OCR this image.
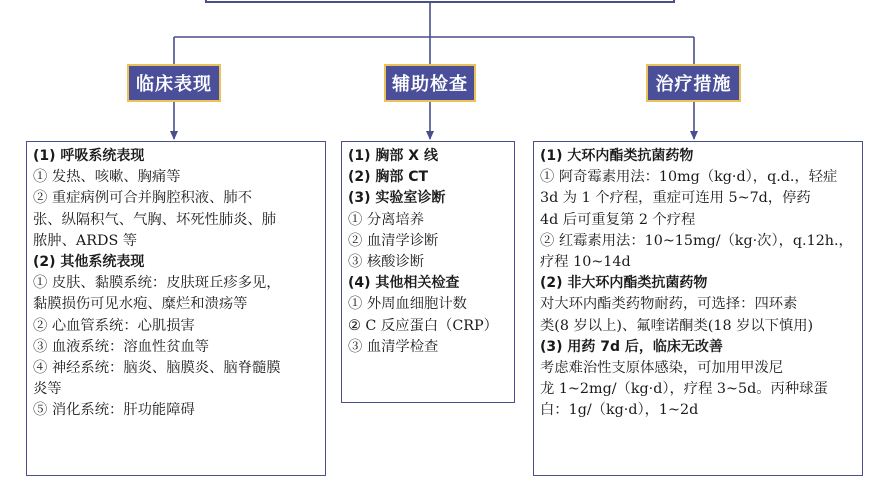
临床表现	辅助检查	治疗措施
(1) 呼吸系统表现
① 发热、咳嗽、胸痛等
② 重症病例可合并胸腔积液、肺不
张、纵隔积气、气胸、坏死性肺炎、肺
脓肿、ARDS 等
(2) 其他系统表现
① 皮肤、黏膜系统：皮肤斑丘疹多见，
黏膜损伤可见水疱、糜烂和溃疡等
② 心血管系统：心肌损害
③ 血液系统：溶血性贫血等
④ 神经系统：脑炎、脑膜炎、脑脊髓膜
炎等
⑤ 消化系统：肝功能障碍
(1) 胸部 X 线
(2) 胸部 CT
(3) 实验室诊断
① 分离培养
② 血清学诊断
③ 核酸诊断
(4) 其他相关检查
① 外周血细胞计数
② C 反应蛋白（CRP）
③ 血清学检查
(1) 大环内酯类抗菌药物
① 阿奇霉素用法：10mg（kg·d），q.d.，轻症
3d 为 1 个疗程，重症可连用 5~7d，停药
4d 后可重复第 2 个疗程
② 红霉素用法：10~15mg/（kg·次），q.12h.，
疗程 10~14d
(2) 非大环内酯类抗菌药物
对大环内酯类药物耐药，可选择：四环素
类(8 岁以上)、氟喹诺酮类(18 岁以下慎用)
(3) 用药 7d 后，临床无改善
考虑难治性支原体感染，可加用甲泼尼
龙 1~2mg/（kg·d），疗程 3~5d。丙种球蛋
白：1g/（kg·d），1~2d
